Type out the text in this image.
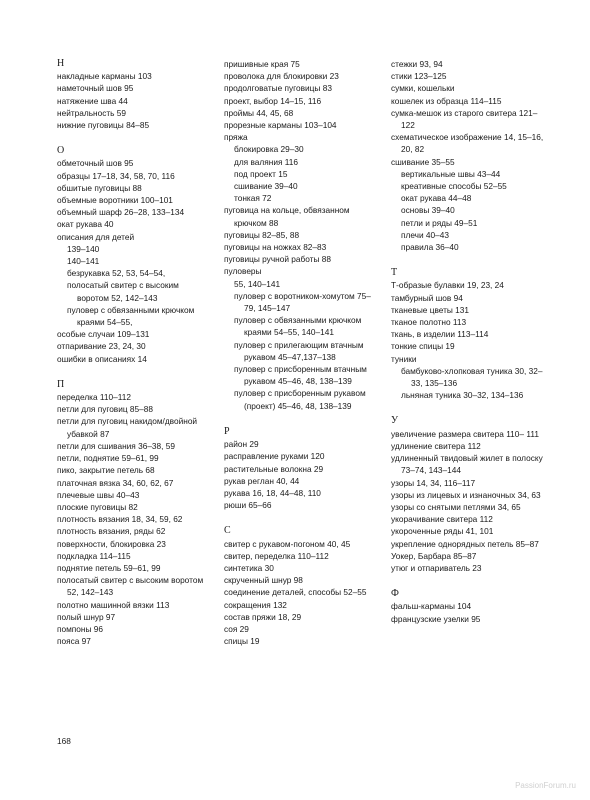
Н
накладные карманы 103
наметочный шов 95
натяжение шва 44
нейтральность 59
нижние пуговицы 84–85
О
обметочный шов 95
образцы 17–18, 34, 58, 70, 116
обшитые пуговицы 88
объемные воротники 100–101
объемный шарф 26–28, 133–134
окат рукава 40
описания для детей
139–140
140–141
безрукавка 52, 53, 54–54,
полосатый свитер с высоким воротом 52, 142–143
пуловер с обвязанными крючком краями 54–55,
особые случаи 109–131
отпаривание 23, 24, 30
ошибки в описаниях 14
П
переделка 110–112
петли для пуговиц 85–88
петли для пуговиц накидом/двойной убавкой 87
петли для сшивания 36–38, 59
петли, поднятие 59–61, 99
пико, закрытие петель 68
платочная вязка 34, 60, 62, 67
плечевые швы 40–43
плоские пуговицы 82
плотность вязания 18, 34, 59, 62
плотность вязания, ряды 62
поверхности, блокировка 23
подкладка 114–115
поднятие петель 59–61, 99
полосатый свитер с высоким воротом 52, 142–143
полотно машинной вязки 113
полый шнур 97
помпоны 96
пояса 97
пришивные края 75
проволока для блокировки 23
продолговатые пуговицы 83
проект, выбор 14–15, 116
проймы 44, 45, 68
прорезные карманы 103–104
пряжа
блокировка 29–30
для валяния 116
под проект 15
сшивание 39–40
тонкая 72
пуговица на кольце, обвязанном крючком 88
пуговицы 82–85, 88
пуговицы на ножках 82–83
пуговицы ручной работы 88
пуловеры
55, 140–141
пуловер с воротником-хомутом 75–79, 145–147
пуловер с обвязанными крючком краями 54–55, 140–141
пуловер с прилегающим втачным рукавом 45–47,137–138
пуловер с присборенным втачным рукавом 45–46, 48, 138–139
пуловер с присборенным рукавом (проект) 45–46, 48, 138–139
Р
район 29
расправление руками 120
растительные волокна 29
рукав реглан 40, 44
рукава 16, 18, 44–48, 110
рюши 65–66
С
свитер с рукавом-погоном 40, 45
свитер, переделка 110–112
синтетика 30
скрученный шнур 98
соединение деталей, способы 52–55
сокращения 132
состав пряжи 18, 29
соя 29
спицы 19
стежки 93, 94
стики 123–125
сумки, кошельки
кошелек из образца 114–115
сумка-мешок из старого свитера 121– 122
схематическое изображение 14, 15–16, 20, 82
сшивание 35–55
вертикальные швы 43–44
креативные способы 52–55
окат рукава 44–48
основы 39–40
петли и ряды 49–51
плечи 40–43
правила 36–40
Т
Т-образые булавки 19, 23, 24
тамбурный шов 94
тканевые цветы 131
тканое полотно 113
ткань, в изделии 113–114
тонкие спицы 19
туники
бамбуково-хлопковая туника 30, 32–33, 135–136
льняная туника 30–32, 134–136
У
увеличение размера свитера 110– 111
удлинение свитера 112
удлиненный твидовый жилет в полоску 73–74, 143–144
узоры 14, 34, 116–117
узоры из лицевых и изнаночных 34, 63
узоры со снятыми петлями 34, 65
укорачивание свитера 112
укороченные ряды 41, 101
укрепление однорядных петель 85–87
Уокер, Барбара 85–87
утюг и отпариватель 23
Ф
фальш-карманы 104
французские узелки 95
168
PassionForum.ru
